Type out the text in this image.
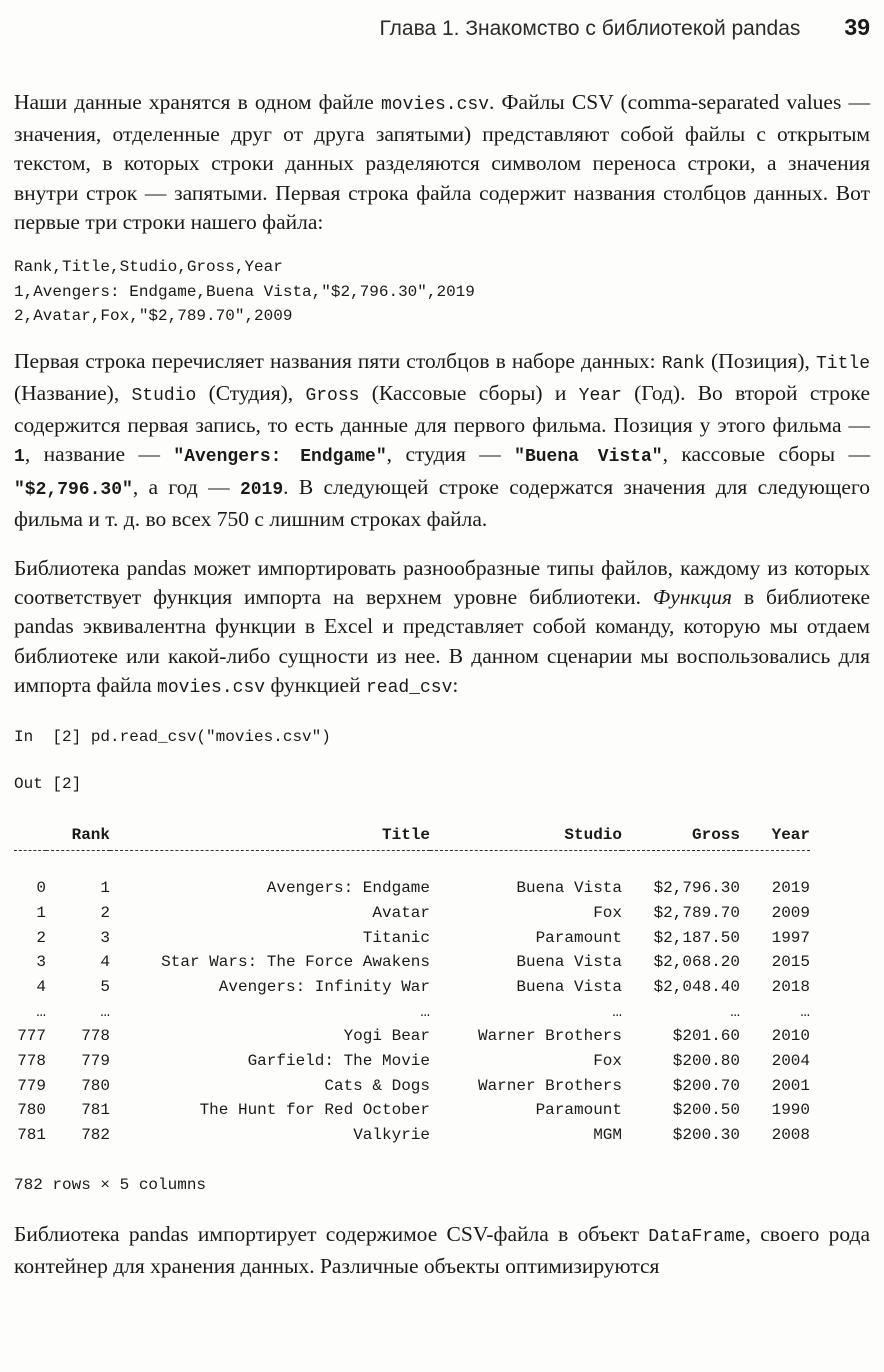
Глава 1. Знакомство с библиотекой pandas 39

Наши данные хранятся в одном файле movies.csv. Файлы CSV (comma-separated values — значения, отделенные друг от друга запятыми) представляют собой файлы с открытым текстом, в которых строки данных разделяются символом переноса строки, а значения внутри строк — запятыми. Первая строка файла содержит названия столбцов данных. Вот первые три строки нашего файла:

Rank,Title,Studio,Gross,Year
1,Avengers: Endgame,Buena Vista,"$2,796.30",2019
2,Avatar,Fox,"$2,789.70",2009

Первая строка перечисляет названия пяти столбцов в наборе данных: Rank (Позиция), Title (Название), Studio (Студия), Gross (Кассовые сборы) и Year (Год). Во второй строке содержится первая запись, то есть данные для первого фильма. Позиция у этого фильма — 1, название — "Avengers: Endgame", студия — "Buena Vista", кассовые сборы — "$2,796.30", а год — 2019. В следующей строке содержатся значения для следующего фильма и т. д. во всех 750 с лишним строках файла.

Библиотека pandas может импортировать разнообразные типы файлов, каждому из которых соответствует функция импорта на верхнем уровне библиотеки. Функция в библиотеке pandas эквивалентна функции в Excel и представляет собой команду, которую мы отдаем библиотеке или какой-либо сущности из нее. В данном сценарии мы воспользовались для импорта файла movies.csv функцией read_csv:

In  [2] pd.read_csv("movies.csv")
Out [2]
	Rank	Title	Studio	Gross	Year

0	1	Avengers: Endgame	Buena Vista	$2,796.30	2019
1	2	Avatar	Fox	$2,789.70	2009
2	3	Titanic	Paramount	$2,187.50	1997
3	4	Star Wars: The Force Awakens	Buena Vista	$2,068.20	2015
4	5	Avengers: Infinity War	Buena Vista	$2,048.40	2018
…	…	…	…	…	…
777	778	Yogi Bear	Warner Brothers	$201.60	2010
778	779	Garfield: The Movie	Fox	$200.80	2004
779	780	Cats & Dogs	Warner Brothers	$200.70	2001
780	781	The Hunt for Red October	Paramount	$200.50	1990
781	782	Valkyrie	MGM	$200.30	2008
782 rows × 5 columns

Библиотека pandas импортирует содержимое CSV-файла в объект DataFrame, своего рода контейнер для хранения данных. Различные объекты оптимизируются
